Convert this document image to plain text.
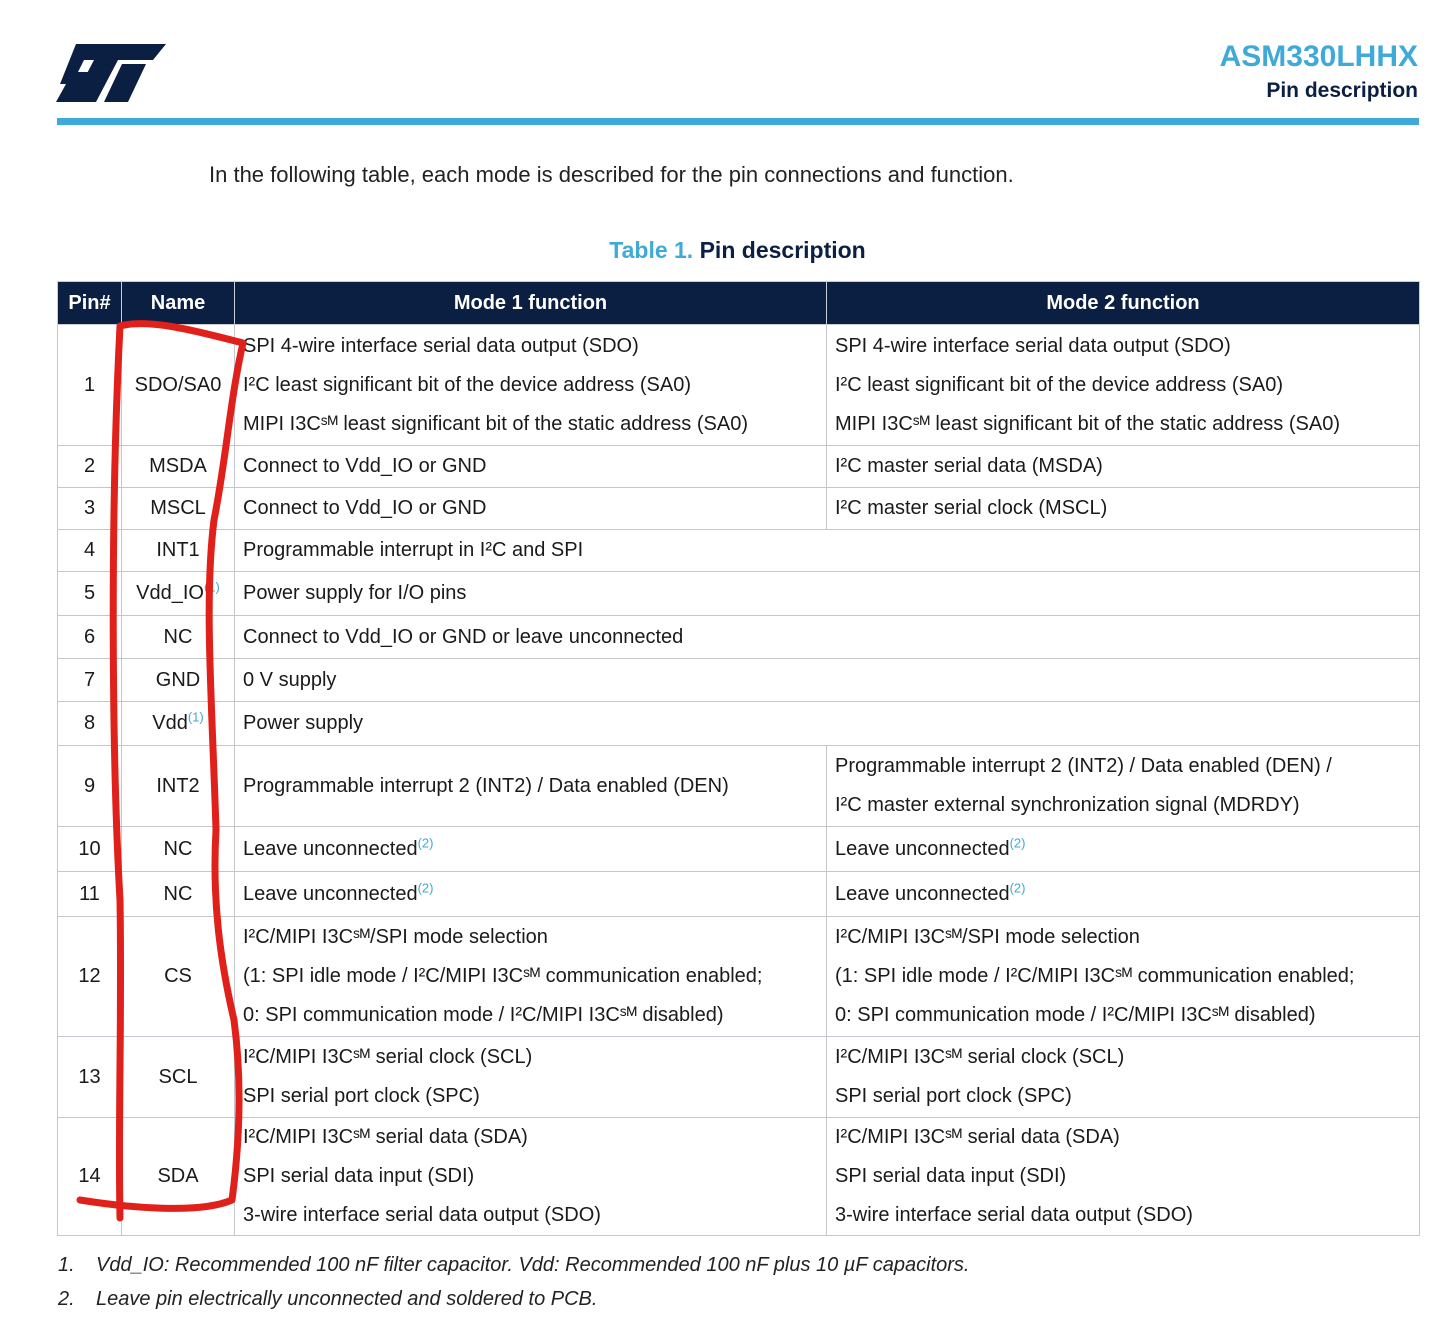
ASM330LHHX
Pin description
In the following table, each mode is described for the pin connections and function.
Table 1. Pin description
Pin#	Name	Mode 1 function	Mode 2 function
1	SDO/SA0	SPI 4-wire interface serial data output (SDO)
I²C least significant bit of the device address (SA0)
MIPI I3Cˢᴹ least significant bit of the static address (SA0)	SPI 4-wire interface serial data output (SDO)
I²C least significant bit of the device address (SA0)
MIPI I3Cˢᴹ least significant bit of the static address (SA0)

2	MSDA	Connect to Vdd_IO or GND	I²C master serial data (MSDA)

3	MSCL	Connect to Vdd_IO or GND	I²C master serial clock (MSCL)

4	INT1	Programmable interrupt in I²C and SPI	

5	Vdd_IO$^{(1)}$	Power supply for I/O pins	

6	NC	Connect to Vdd_IO or GND or leave unconnected	

7	GND	0 V supply	

8	Vdd$^{(1)}$	Power supply	

9	INT2	Programmable interrupt 2 (INT2) / Data enabled (DEN)	Programmable interrupt 2 (INT2) / Data enabled (DEN) /
I²C master external synchronization signal (MDRDY)

10	NC	Leave unconnected$^{(2)}$	Leave unconnected$^{(2)}$

11	NC	Leave unconnected$^{(2)}$	Leave unconnected$^{(2)}$

12	CS	I²C/MIPI I3Cˢᴹ/SPI mode selection
(1: SPI idle mode / I²C/MIPI I3Cˢᴹ communication enabled;
0: SPI communication mode / I²C/MIPI I3Cˢᴹ disabled)	I²C/MIPI I3Cˢᴹ/SPI mode selection
(1: SPI idle mode / I²C/MIPI I3Cˢᴹ communication enabled;
0: SPI communication mode / I²C/MIPI I3Cˢᴹ disabled)

13	SCL	I²C/MIPI I3Cˢᴹ serial clock (SCL)
SPI serial port clock (SPC)	I²C/MIPI I3Cˢᴹ serial clock (SCL)
SPI serial port clock (SPC)

14	SDA	I²C/MIPI I3Cˢᴹ serial data (SDA)
SPI serial data input (SDI)
3-wire interface serial data output (SDO)	I²C/MIPI I3Cˢᴹ serial data (SDA)
SPI serial data input (SDI)
3-wire interface serial data output (SDO)
1.	Vdd_IO: Recommended 100 nF filter capacitor. Vdd: Recommended 100 nF plus 10 µF capacitors.
2.	Leave pin electrically unconnected and soldered to PCB.
